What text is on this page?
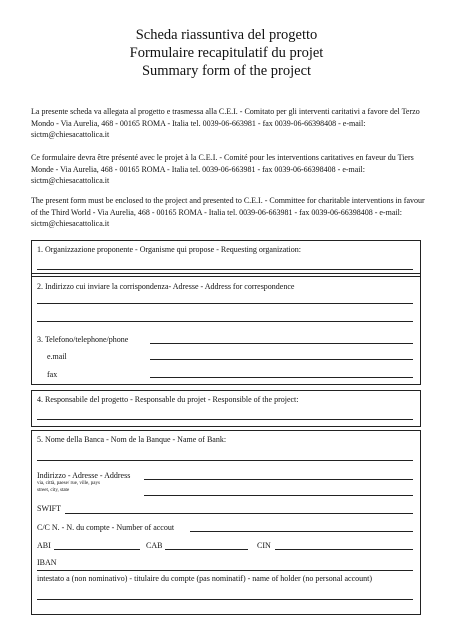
Scheda riassuntiva del progetto
Formulaire recapitulatif du projet
Summary form of the project
La presente scheda va allegata al progetto e trasmessa alla C.E.I. - Comitato per gli interventi caritativi a favore del Terzo Mondo - Via Aurelia, 468 - 00165 ROMA - Italia tel. 0039-06-663981 - fax 0039-06-66398408 - e-mail: sictm@chiesacattolica.it
Ce formulaire devra être présenté avec le projet à la C.E.I. - Comité pour les interventions caritatives en faveur du Tiers Monde - Via Aurelia, 468 - 00165 ROMA - Italia tel. 0039-06-663981 - fax 0039-06-66398408 - e-mail: sictm@chiesacattolica.it
The present form must be enclosed to the project and presented to C.E.I. - Committee for charitable interventions in favour of the Third World - Via Aurelia, 468 - 00165 ROMA - Italia tel. 0039-06-663981 - fax 0039-06-66398408 - e-mail: sictm@chiesacattolica.it
1. Organizzazione proponente - Organisme qui propose - Requesting organization:
2. Indirizzo cui inviare la corrispondenza- Adresse - Address for correspondence
3. Telefono/telephone/phone
e.mail
fax
4. Responsabile del progetto - Responsable du projet - Responsible of the project:
5. Nome della Banca - Nom de la Banque - Name of Bank:
Indirizzo - Adresse - Address
via, città, paese/ rue, ville, pays
street, city, state
SWIFT
C/C N. - N. du compte - Number of accout
ABI	CAB	CIN
IBAN
intestato a (non nominativo) - titulaire du compte (pas nominatif) - name of holder (no personal account)
